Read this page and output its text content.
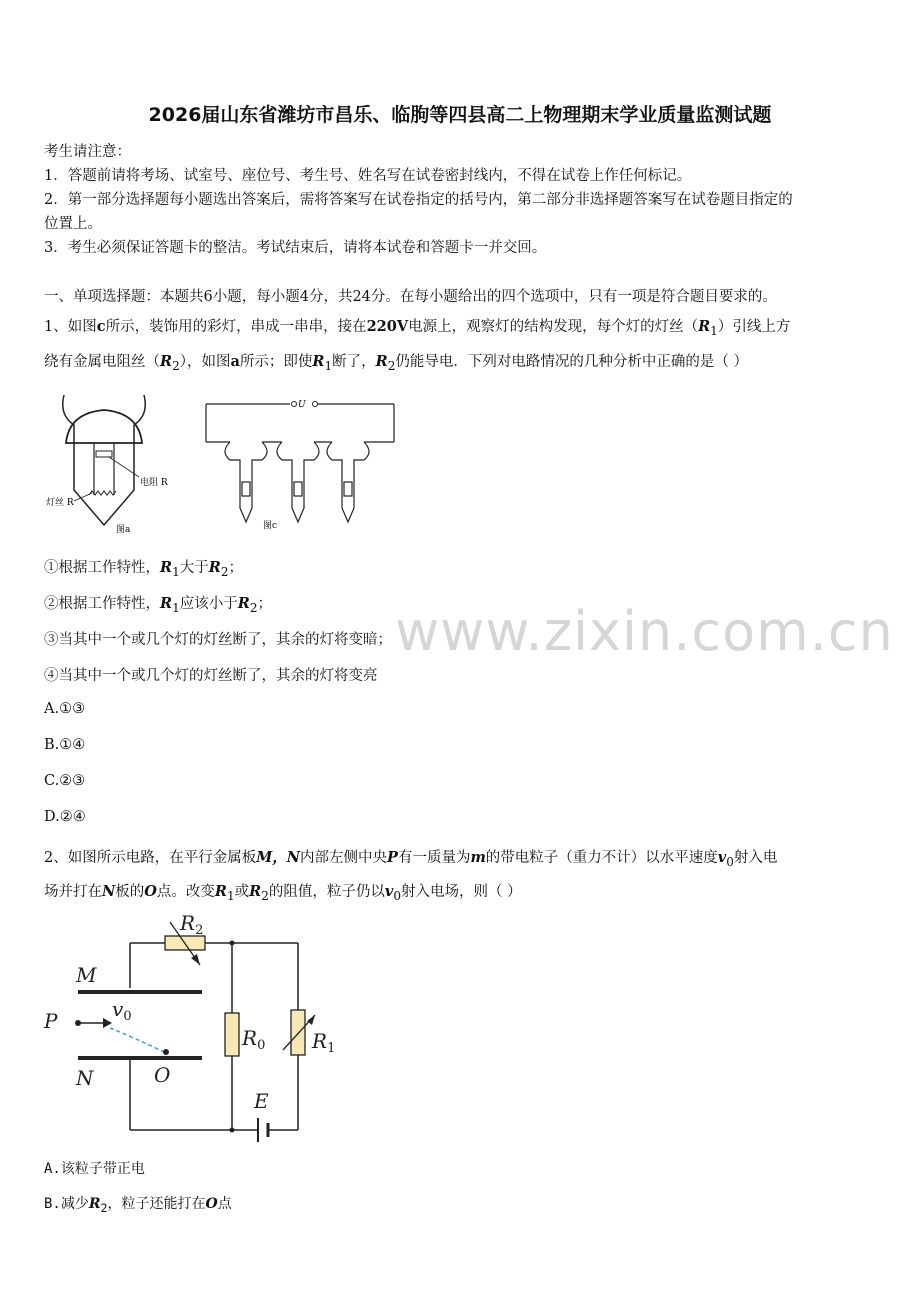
2026届山东省潍坊市昌乐、临朐等四县高二上物理期末学业质量监测试题
考生请注意：
1．答题前请将考场、试室号、座位号、考生号、姓名写在试卷密封线内，不得在试卷上作任何标记。
2．第一部分选择题每小题选出答案后，需将答案写在试卷指定的括号内，第二部分非选择题答案写在试卷题目指定的
位置上。
3．考生必须保证答题卡的整洁。考试结束后，请将本试卷和答题卡一并交回。
一、单项选择题：本题共6小题，每小题4分，共24分。在每小题给出的四个选项中，只有一项是符合题目要求的。
1、如图c所示，装饰用的彩灯，串成一串串，接在220V电源上，观察灯的结构发现，每个灯的灯丝$(R_1)$引线上方
绕有金属电阻丝$(R_2)$，如图a所示；即使$R_1$断了，$R_2$仍能导电．下列对电路情况的几种分析中正确的是（ ）
电阻 R
灯丝 R
图a
U
图c
①根据工作特性，$R_1$大于$R_2$；
②根据工作特性，$R_1$应该小于$R_2$；
③当其中一个或几个灯的灯丝断了，其余的灯将变暗；
④当其中一个或几个灯的灯丝断了，其余的灯将变亮
A.①③
B.①④
C.②③
D.②④
2、如图所示电路，在平行金属板M，N内部左侧中央P有一质量为m的带电粒子（重力不计）以水平速度$v_0$射入电
场并打在N板的O点。改变$R_1$或$R_2$的阻值，粒子仍以$v_0$射入电场，则（ ）
$R_2$
M
P	$v_0$
N	O
$R_0$ $R_1$
E
A.该粒子带正电
B.减少$R_2$，粒子还能打在O点
www.zixin.com.cn
